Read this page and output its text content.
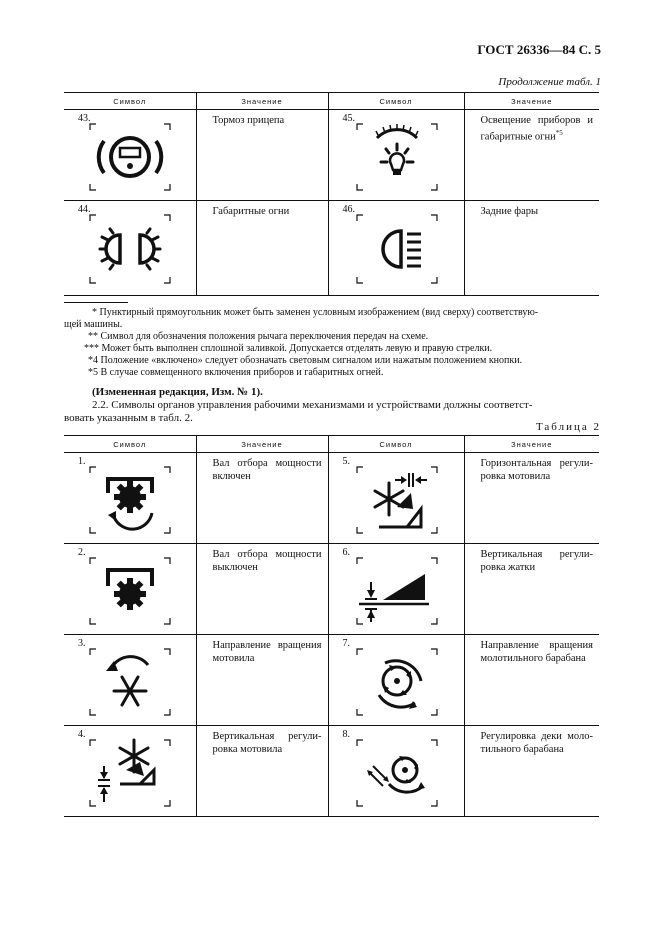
ГОСТ 26336—84 С. 5
Продолжение табл. 1
Символ	Значение	Символ	Значение

43.	Тормоз прицепа	45.	Освещение приборов и габаритные огни$^{*5}$

44.	Габаритные огни	46.	Задние фары
* Пунктирный прямоугольник может быть заменен условным изображением (вид сверху) соответствую-
щей машины.
** Символ для обозначения положения рычага переключения передач на схеме.
*** Может быть выполнен сплошной заливкой. Допускается отделять левую и правую стрелки.
*4 Положение «включено» следует обозначать световым сигналом или нажатым положением кнопки.
*5 В случае совмещенного включения приборов и габаритных огней.
(Измененная редакция, Изм. № 1).
2.2. Символы органов управления рабочими механизмами и устройствами должны соответст-
вовать указанным в табл. 2.
Таблица 2
Символ	Значение	Символ	Значение

1.	Вал отбора мощности включен	5.	Горизонтальная регули-ровка мотовила

2.	Вал отбора мощности выключен	6.	Вертикальная регули-ровка жатки

3.	Направление вращения мотовила	7.	Направление вращения молотильного барабана

4.	Вертикальная регули-ровка мотовила	8.	Регулировка деки моло-тильного барабана
